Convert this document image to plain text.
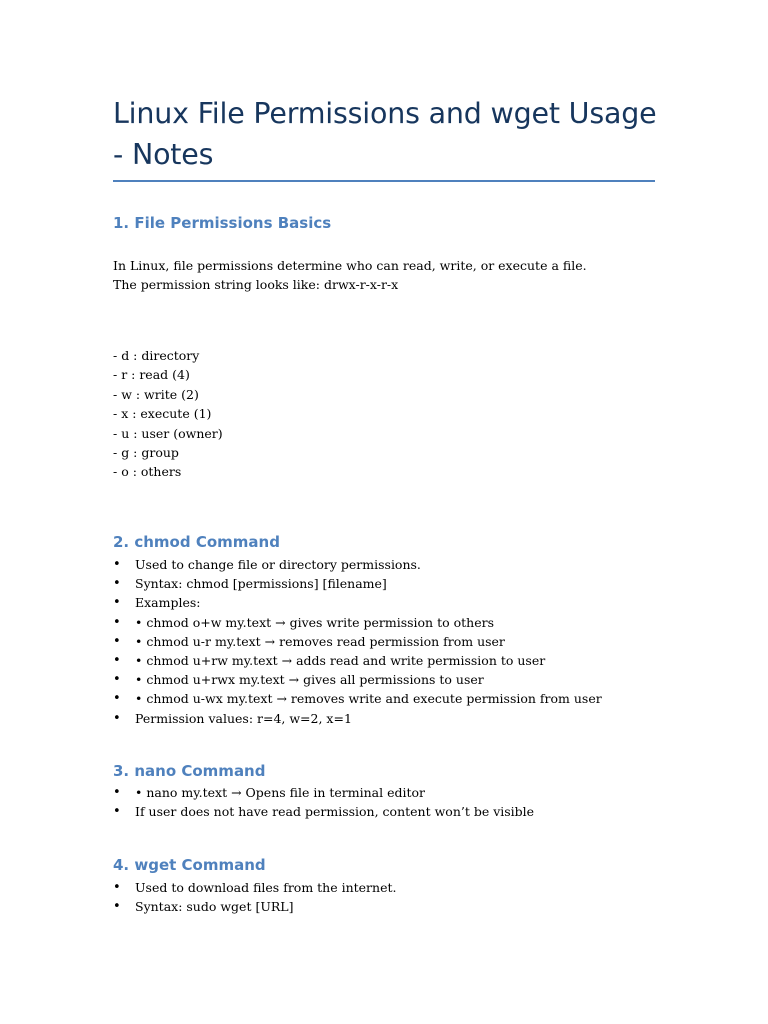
Linux File Permissions and wget Usage - Notes
1. File Permissions Basics
In Linux, file permissions determine who can read, write, or execute a file.
The permission string looks like: drwx-r-x-r-x
- d : directory
- r : read (4)
- w : write (2)
- x : execute (1)
- u : user (owner)
- g : group
- o : others
2. chmod Command
•	Used to change file or directory permissions.
•	Syntax: chmod [permissions] [filename]
•	Examples:
•	• chmod o+w my.text → gives write permission to others
•	• chmod u-r my.text → removes read permission from user
•	• chmod u+rw my.text → adds read and write permission to user
•	• chmod u+rwx my.text → gives all permissions to user
•	• chmod u-wx my.text → removes write and execute permission from user
•	Permission values: r=4, w=2, x=1
3. nano Command
•	• nano my.text → Opens file in terminal editor
•	If user does not have read permission, content won’t be visible
4. wget Command
•	Used to download files from the internet.
•	Syntax: sudo wget [URL]
